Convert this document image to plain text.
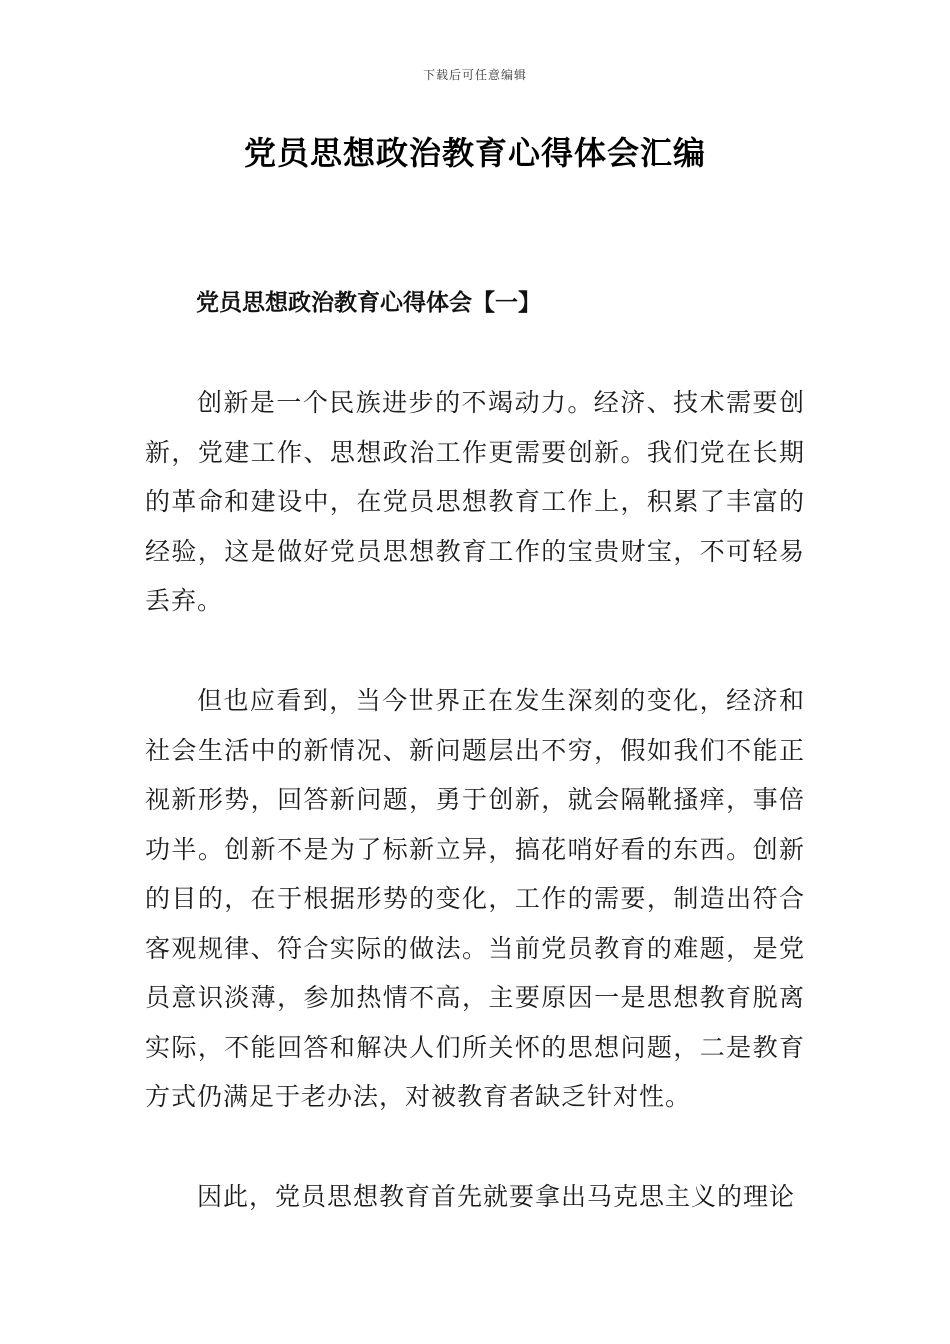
下载后可任意编辑
党员思想政治教育心得体会汇编
党员思想政治教育心得体会【一】

创新是一个民族进步的不竭动力。经济、技术需要创新，党建工作、思想政治工作更需要创新。我们党在长期的革命和建设中，在党员思想教育工作上，积累了丰富的经验，这是做好党员思想教育工作的宝贵财宝，不可轻易丢弃。

但也应看到，当今世界正在发生深刻的变化，经济和社会生活中的新情况、新问题层出不穷，假如我们不能正视新形势，回答新问题，勇于创新，就会隔靴搔痒，事倍功半。创新不是为了标新立异，搞花哨好看的东西。创新的目的，在于根据形势的变化，工作的需要，制造出符合客观规律、符合实际的做法。当前党员教育的难题，是党员意识淡薄，参加热情不高，主要原因一是思想教育脱离实际，不能回答和解决人们所关怀的思想问题，二是教育方式仍满足于老办法，对被教育者缺乏针对性。

因此，党员思想教育首先就要拿出马克思主义的理论
